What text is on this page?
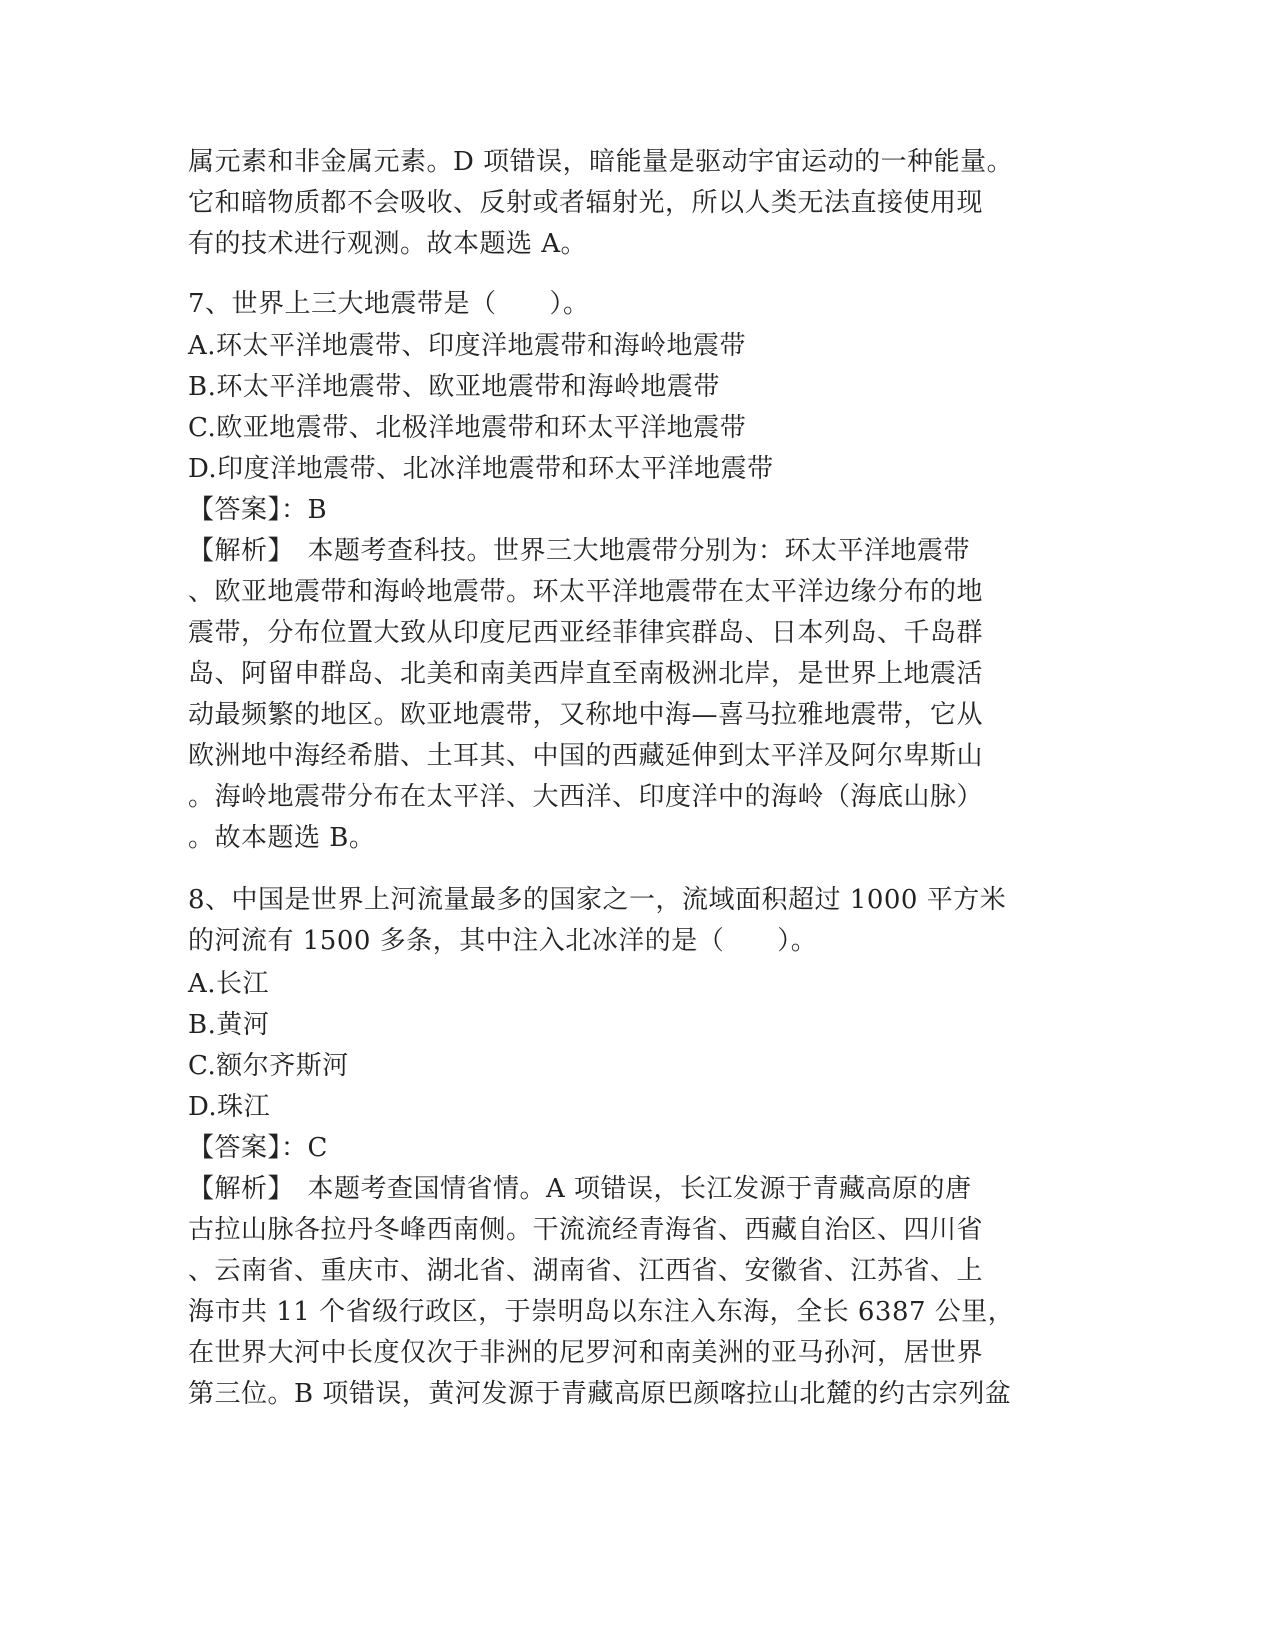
属元素和非金属元素。D 项错误，暗能量是驱动宇宙运动的一种能量。

它和暗物质都不会吸收、反射或者辐射光，所以人类无法直接使用现

有的技术进行观测。故本题选 A。

7、世界上三大地震带是（　　）。

A.环太平洋地震带、印度洋地震带和海岭地震带

B.环太平洋地震带、欧亚地震带和海岭地震带

C.欧亚地震带、北极洋地震带和环太平洋地震带

D.印度洋地震带、北冰洋地震带和环太平洋地震带

【答案】：B

【解析】　本题考查科技。世界三大地震带分别为：环太平洋地震带

、欧亚地震带和海岭地震带。环太平洋地震带在太平洋边缘分布的地

震带，分布位置大致从印度尼西亚经菲律宾群岛、日本列岛、千岛群

岛、阿留申群岛、北美和南美西岸直至南极洲北岸，是世界上地震活

动最频繁的地区。欧亚地震带，又称地中海—喜马拉雅地震带，它从

欧洲地中海经希腊、土耳其、中国的西藏延伸到太平洋及阿尔卑斯山

。海岭地震带分布在太平洋、大西洋、印度洋中的海岭（海底山脉）

。故本题选 B。

8、中国是世界上河流量最多的国家之一，流域面积超过 1000 平方米

的河流有 1500 多条，其中注入北冰洋的是（　　）。

A.长江

B.黄河

C.额尔齐斯河

D.珠江

【答案】：C

【解析】　本题考查国情省情。A 项错误，长江发源于青藏高原的唐

古拉山脉各拉丹冬峰西南侧。干流流经青海省、西藏自治区、四川省

、云南省、重庆市、湖北省、湖南省、江西省、安徽省、江苏省、上

海市共 11 个省级行政区，于崇明岛以东注入东海，全长 6387 公里，

在世界大河中长度仅次于非洲的尼罗河和南美洲的亚马孙河，居世界

第三位。B 项错误，黄河发源于青藏高原巴颜喀拉山北麓的约古宗列盆
